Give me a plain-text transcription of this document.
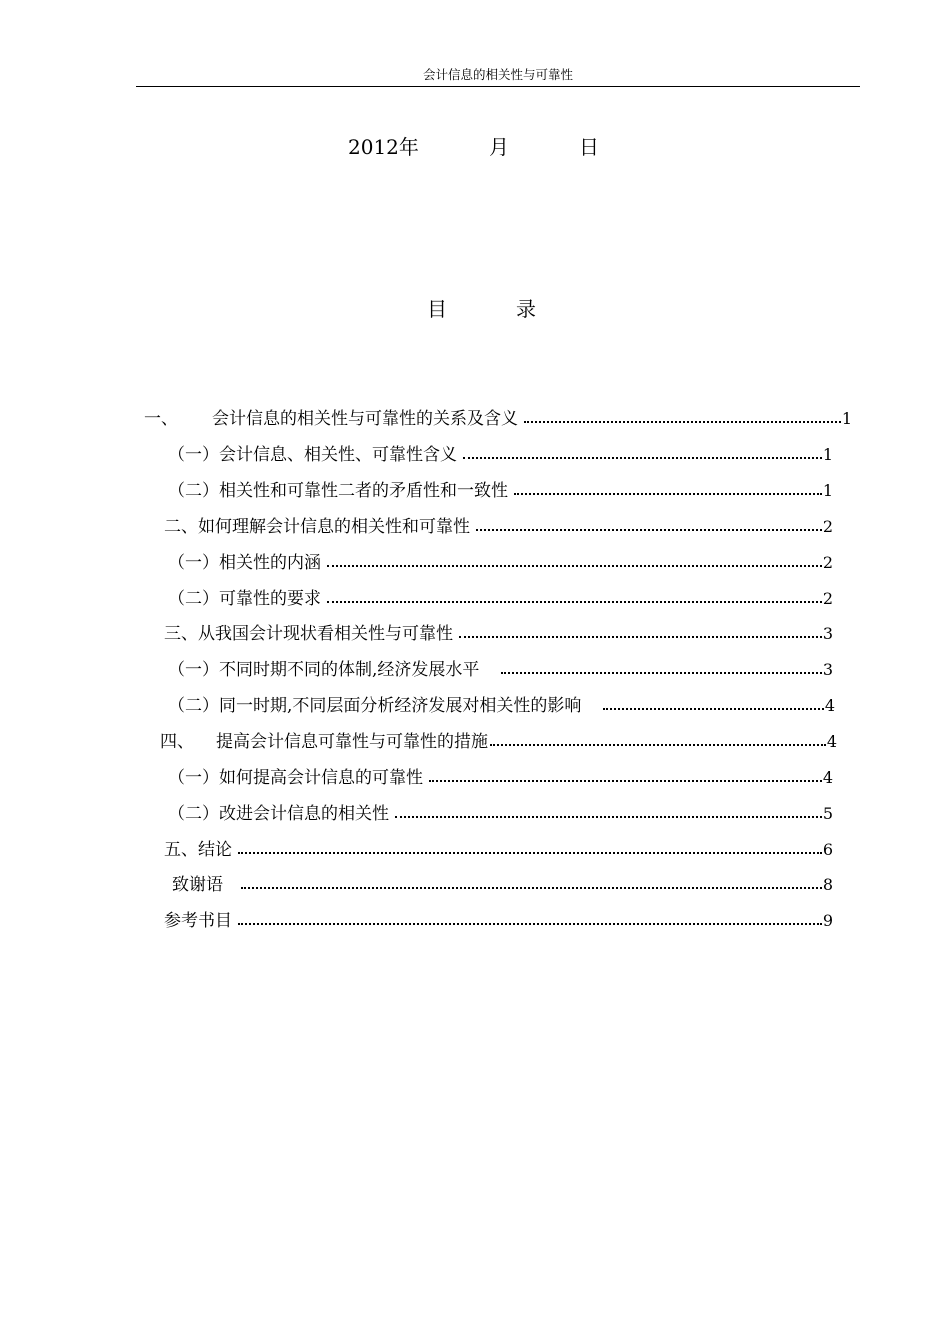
会计信息的相关性与可靠性
2012年	月	日
目	录
一、	会计信息的相关性与可靠性的关系及含义	1
（一）会计信息、相关性、可靠性含义	1
（二）相关性和可靠性二者的矛盾性和一致性	1
二、如何理解会计信息的相关性和可靠性	2
（一）相关性的内涵	2
（二）可靠性的要求	2
三、从我国会计现状看相关性与可靠性	3
（一）不同时期不同的体制,经济发展水平	3
（二）同一时期,不同层面分析经济发展对相关性的影响	4
四、	提高会计信息可靠性与可靠性的措施	4
（一）如何提高会计信息的可靠性	4
（二）改进会计信息的相关性	5
五、结论	6
致谢语	8
参考书目	9
